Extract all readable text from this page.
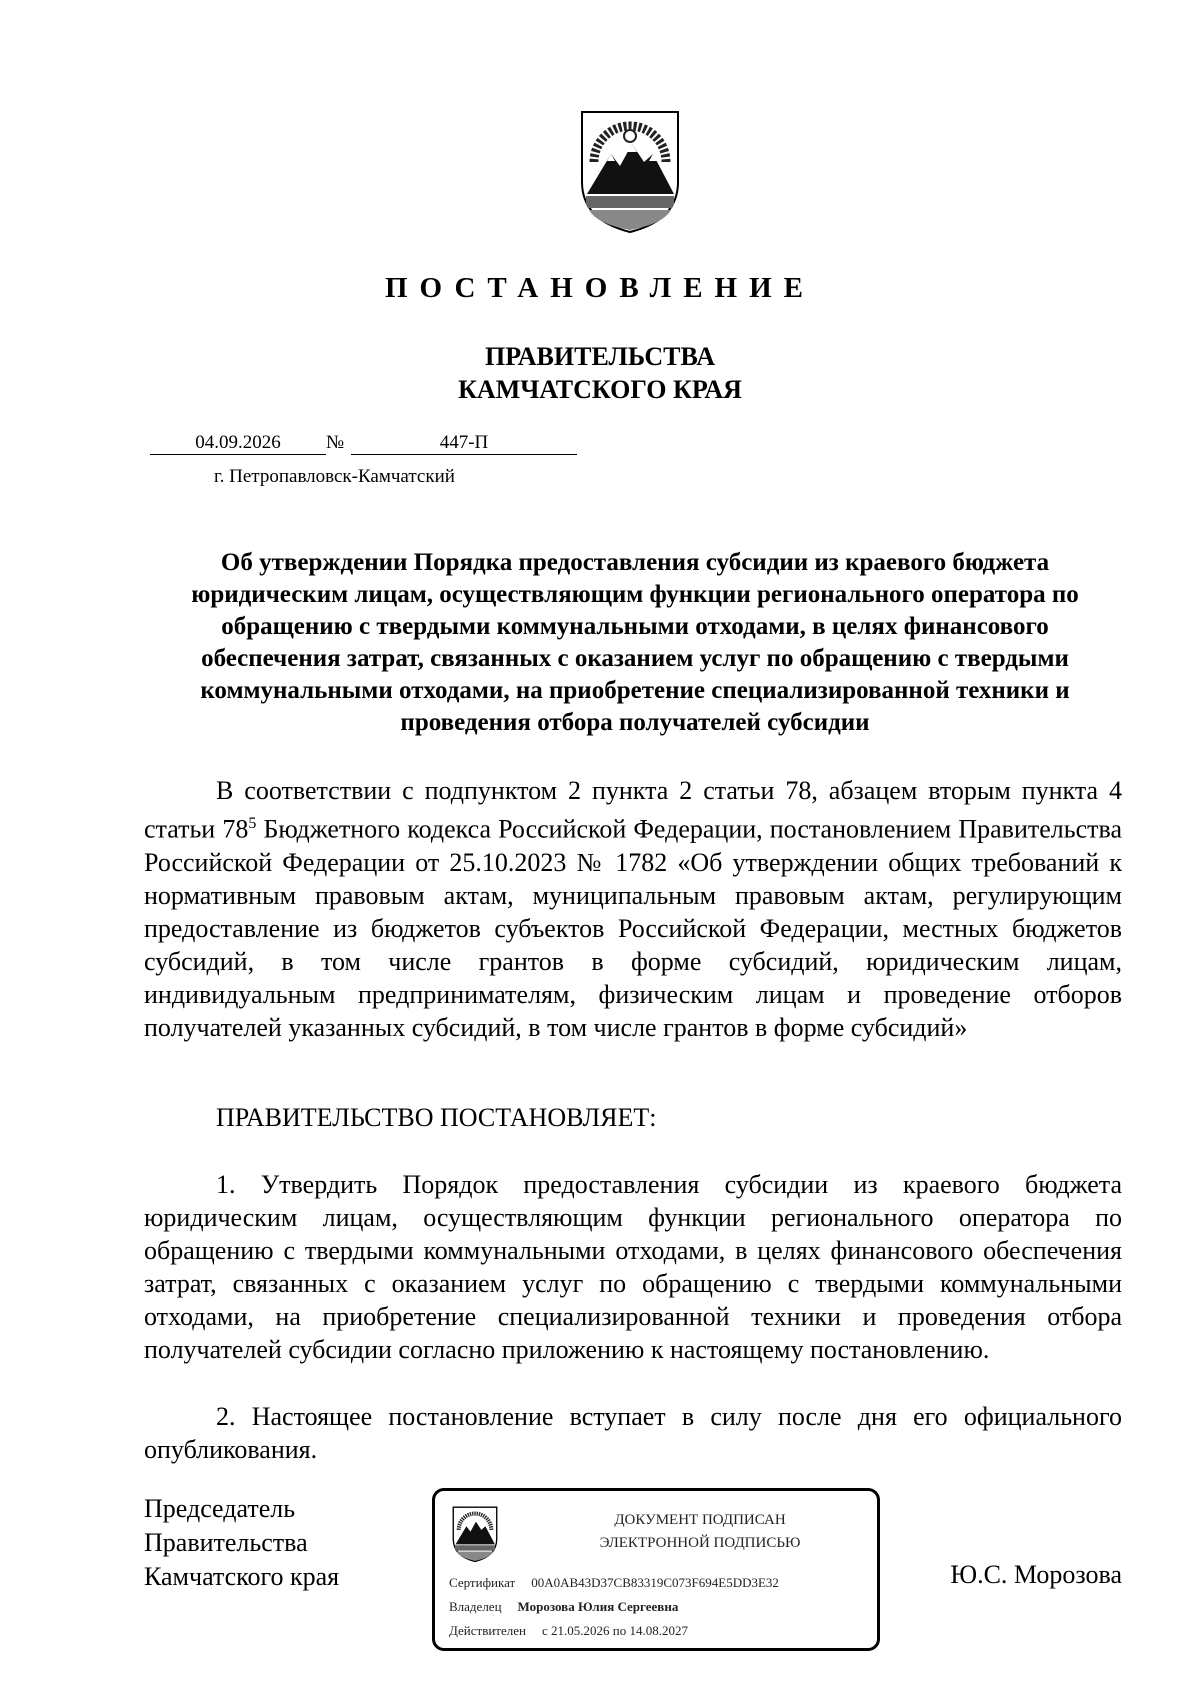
ПОСТАНОВЛЕНИЕ
ПРАВИТЕЛЬСТВА
КАМЧАТСКОГО КРАЯ
04.09.2026	№	447-П
г. Петропавловск-Камчатский
Об утверждении Порядка предоставления субсидии из краевого бюджета юридическим лицам, осуществляющим функции регионального оператора по обращению с твердыми коммунальными отходами, в целях финансового обеспечения затрат, связанных с оказанием услуг по обращению с твердыми коммунальными отходами, на приобретение специализированной техники и проведения отбора получателей субсидии
В соответствии с подпунктом 2 пункта 2 статьи 78, абзацем вторым пункта 4 статьи $78^5$ Бюджетного кодекса Российской Федерации, постановлением Правительства Российской Федерации от 25.10.2023 № 1782 «Об утверждении общих требований к нормативным правовым актам, муниципальным правовым актам, регулирующим предоставление из бюджетов субъектов Российской Федерации, местных бюджетов субсидий, в том числе грантов в форме субсидий, юридическим лицам, индивидуальным предпринимателям, физическим лицам и проведение отборов получателей указанных субсидий, в том числе грантов в форме субсидий»
ПРАВИТЕЛЬСТВО ПОСТАНОВЛЯЕТ:
1. Утвердить Порядок предоставления субсидии из краевого бюджета юридическим лицам, осуществляющим функции регионального оператора по обращению с твердыми коммунальными отходами, в целях финансового обеспечения затрат, связанных с оказанием услуг по обращению с твердыми коммунальными отходами, на приобретение специализированной техники и проведения отбора получателей субсидии согласно приложению к настоящему постановлению.
2. Настоящее постановление вступает в силу после дня его официального опубликования.
Председатель
Правительства
Камчатского края
ДОКУМЕНТ ПОДПИСАН
ЭЛЕКТРОННОЙ ПОДПИСЬЮ
Сертификат 00A0AB43D37CB83319C073F694E5DD3E32
Владелец Морозова Юлия Сергеевна
Действителен с 21.05.2026 по 14.08.2027
Ю.С. Морозова
